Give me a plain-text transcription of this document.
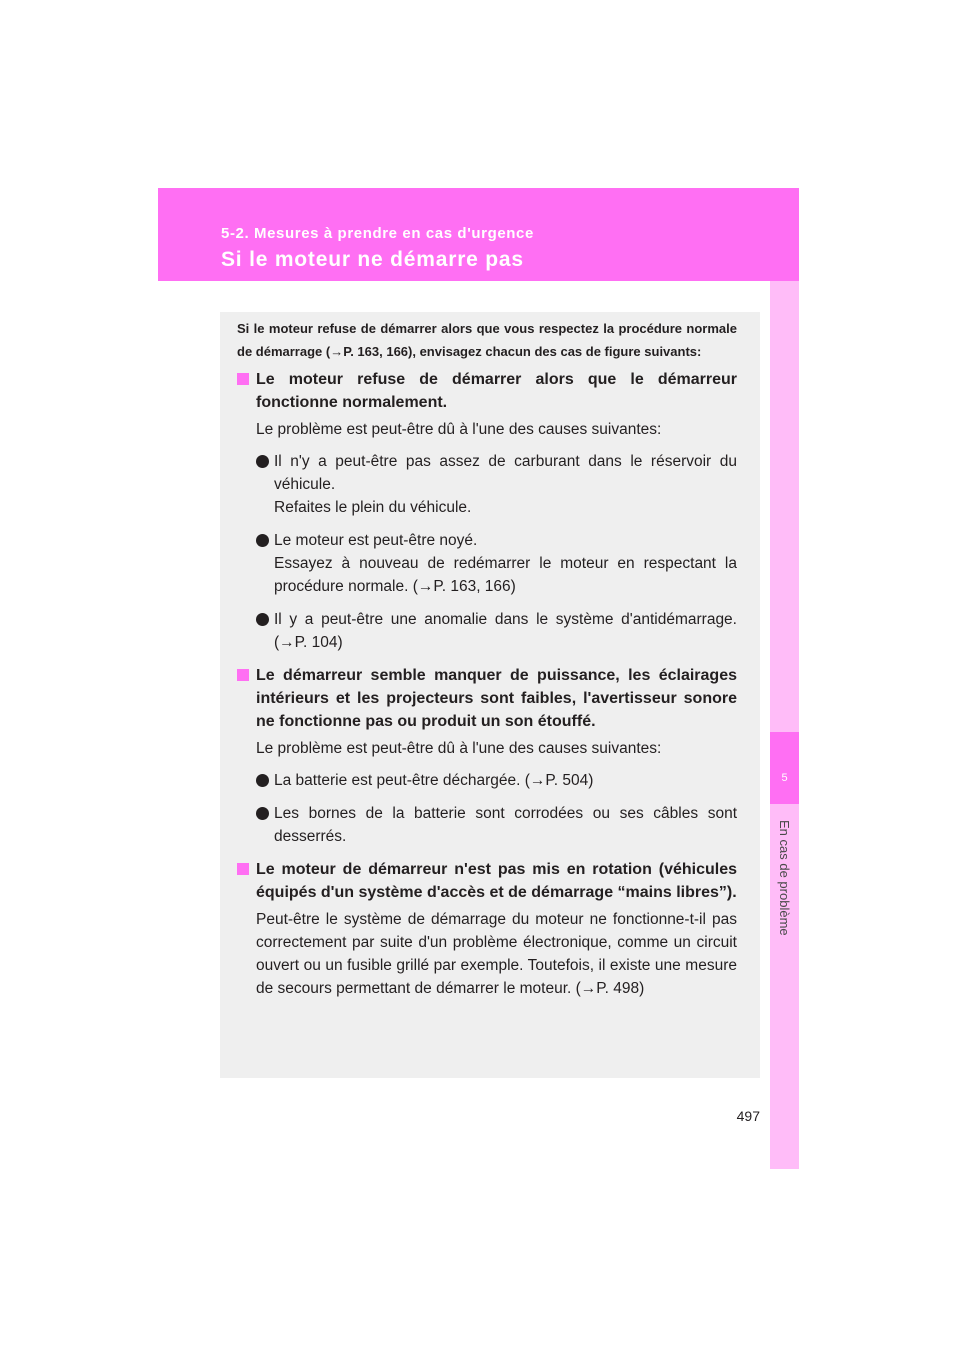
5-2. Mesures à prendre en cas d'urgence
Si le moteur ne démarre pas
5
En cas de problème

Si le moteur refuse de démarrer alors que vous respectez la procédure normale de démarrage (→P. 163, 166), envisagez chacun des cas de figure suivants:

Le moteur refuse de démarrer alors que le démarreur fonctionne normalement.

Le problème est peut-être dû à l'une des causes suivantes:

Il n'y a peut-être pas assez de carburant dans le réservoir du véhicule.
Refaites le plein du véhicule.
Le moteur est peut-être noyé.
Essayez à nouveau de redémarrer le moteur en respectant la procédure normale. (→P. 163, 166)
Il y a peut-être une anomalie dans le système d'antidémarrage. (→P. 104)
Le démarreur semble manquer de puissance, les éclairages intérieurs et les projecteurs sont faibles, l'avertisseur sonore ne fonctionne pas ou produit un son étouffé.

Le problème est peut-être dû à l'une des causes suivantes:

La batterie est peut-être déchargée. (→P. 504)
Les bornes de la batterie sont corrodées ou ses câbles sont desserrés.
Le moteur de démarreur n'est pas mis en rotation (véhicules équipés d'un système d'accès et de démarrage “mains libres”).

Peut-être le système de démarrage du moteur ne fonctionne-t-il pas correctement par suite d'un problème électronique, comme un circuit ouvert ou un fusible grillé par exemple. Toutefois, il existe une mesure de secours permettant de démarrer le moteur. (→P. 498)

497
